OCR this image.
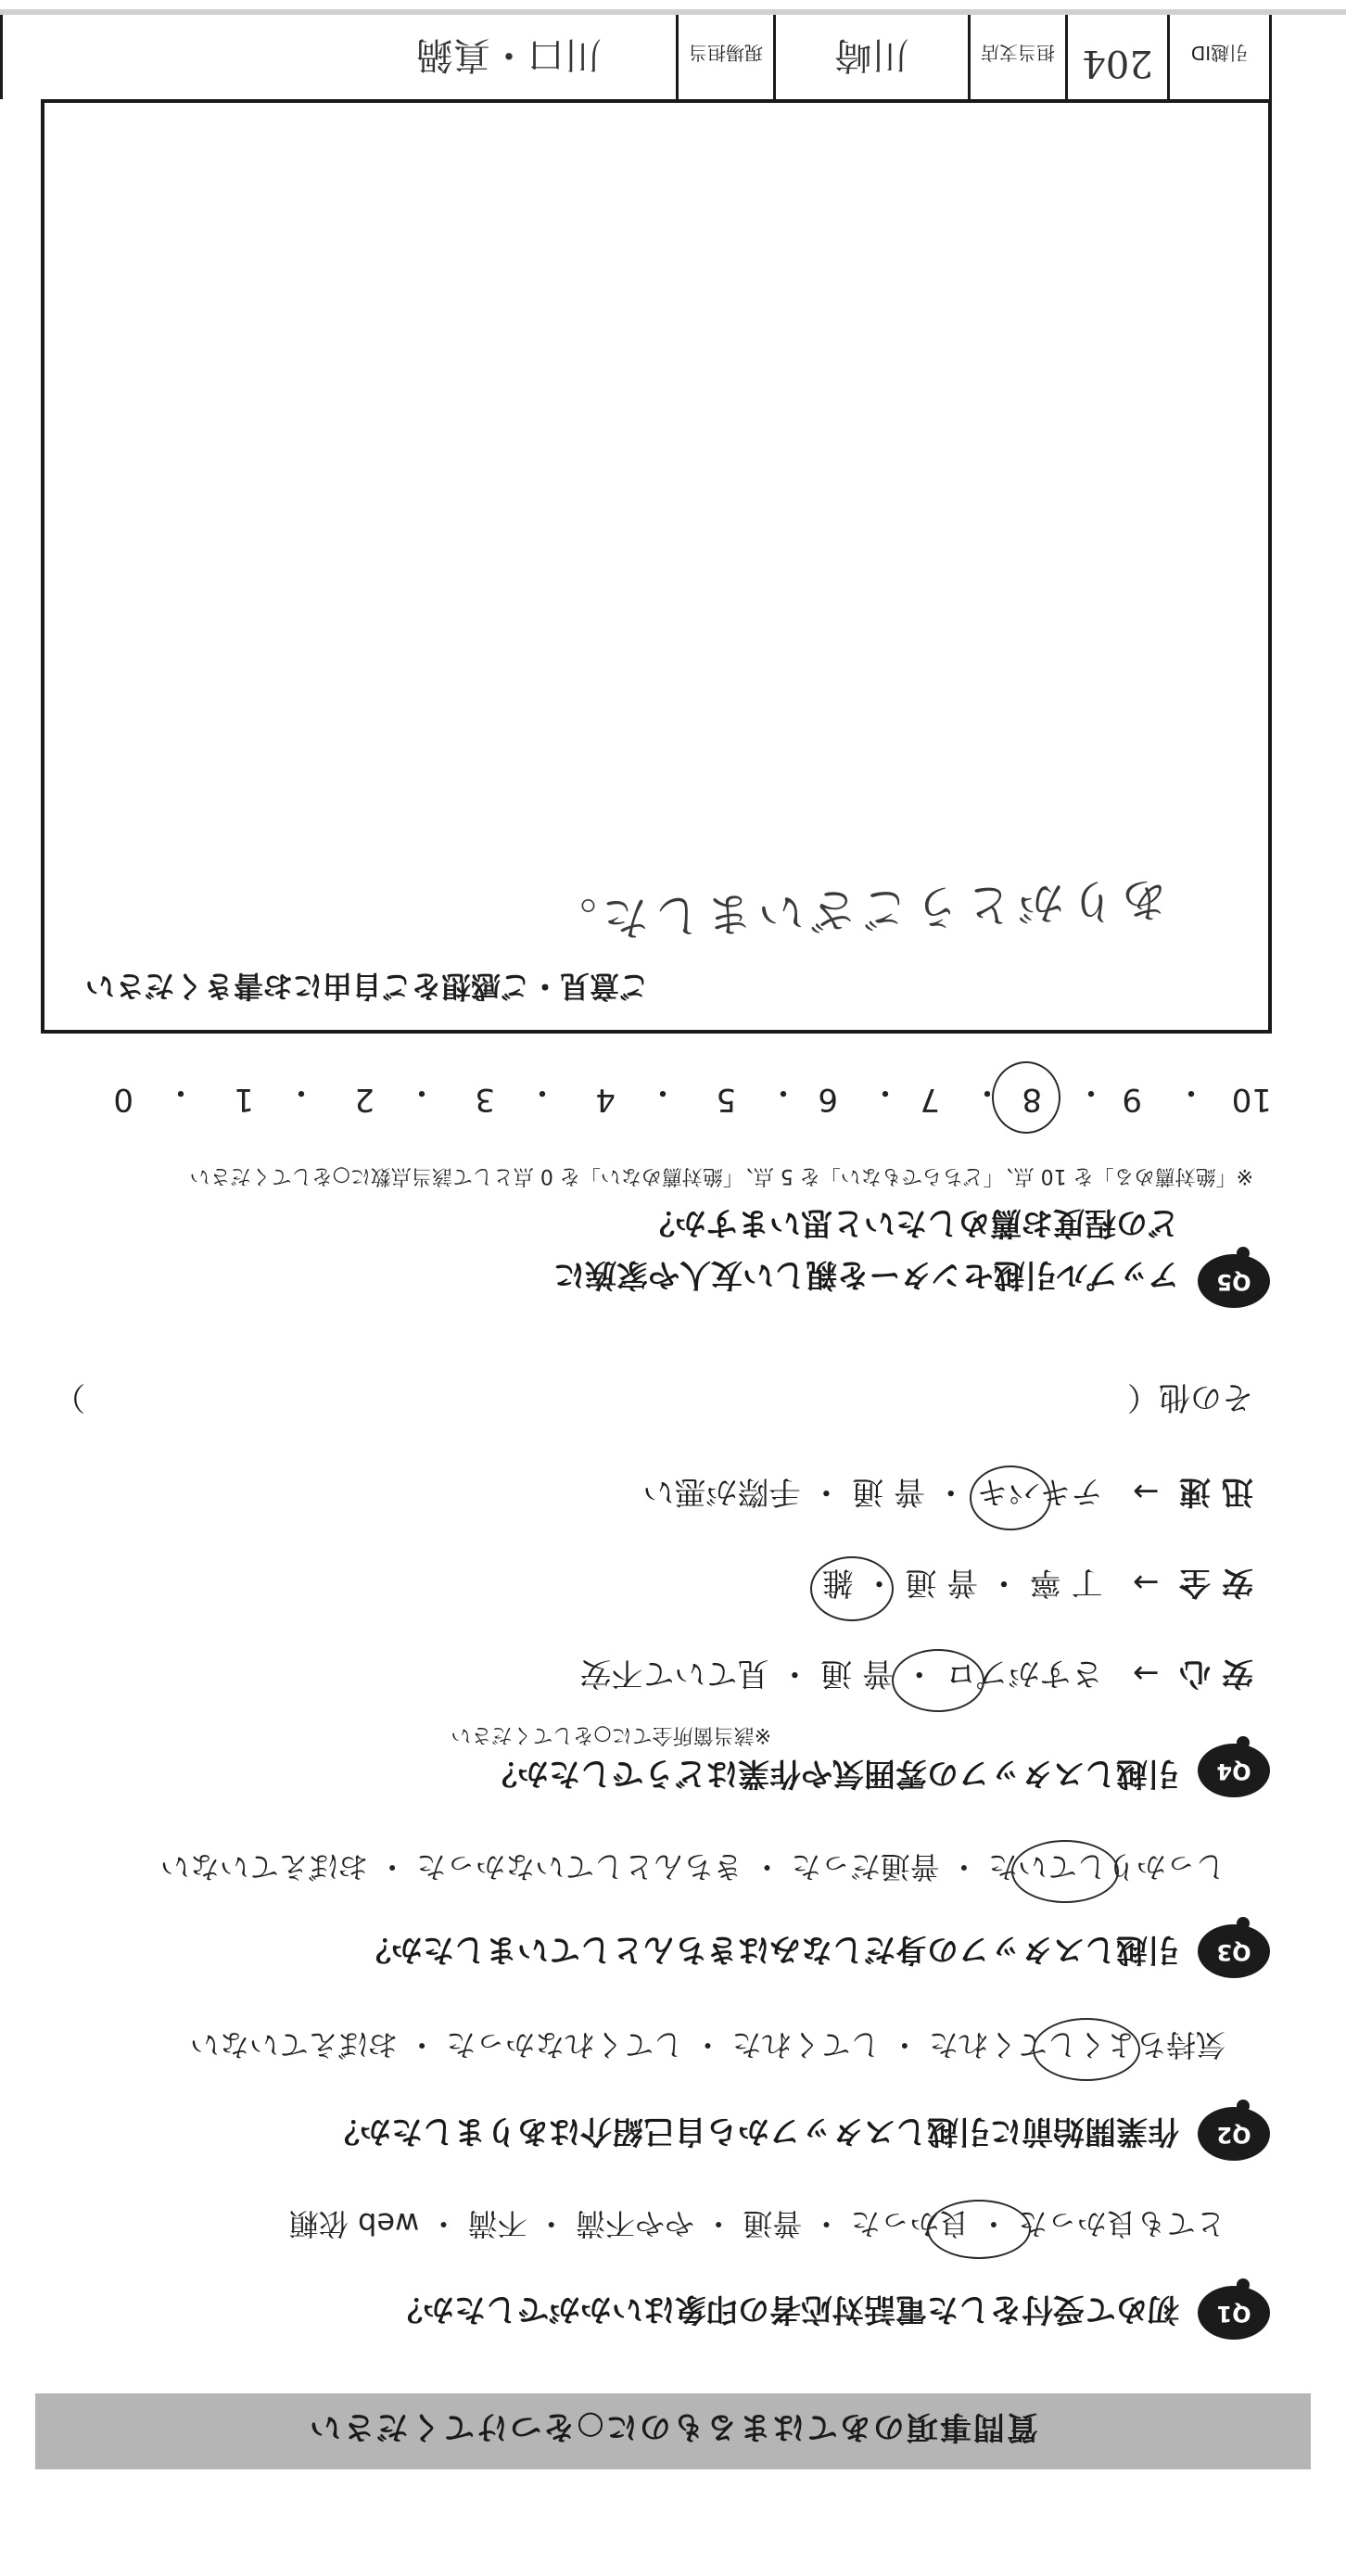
質問事項のあてはまるものに○をつけてください
Q1
初めて受付をした電話対応者の印象はいかがでしたか？
とても良かった ・ 良かった ・ 普通 ・ やや不満 ・ 不満 ・ web 依頼
Q2
作業開始前に引越しスタッフから自己紹介はありましたか？
気持ちよくしてくれた ・ してくれた ・ してくれなかった ・ おぼえていない
Q3
引越しスタッフの身だしなみはきちんとしていましたか？
しっかりしていた ・ 普通だった ・ きちんとしていなかった ・ おぼえていない
Q4
引越しスタッフの雰囲気や作業はどうでしたか？
※該当箇所全てに○をしてください
安 心  →   さすがプロ ・ 普 通 ・ 見ていて不安
安 全  →   丁 寧 ・ 普 通 ・ 雑
迅 速  →   テキパキ ・ 普 通 ・ 手際が悪い
その他（
）
Q5
アップル引越センターを親しい友人や家族に
どの程度お薦めしたいと思いますか？
※「絶対薦める」を 10 点、「どちらでもない」を 5 点、「絶対薦めない」を 0 点として該当点数に○をしてください
10
・
9
・
8
・
7
・
6
・
5
・
4
・
3
・
2
・
1
・
0
ご意見・ご感想をご自由にお書きください
ありがとうございました。
引越ID
204
担当支店
川崎
現場担当
川口・真鍋
